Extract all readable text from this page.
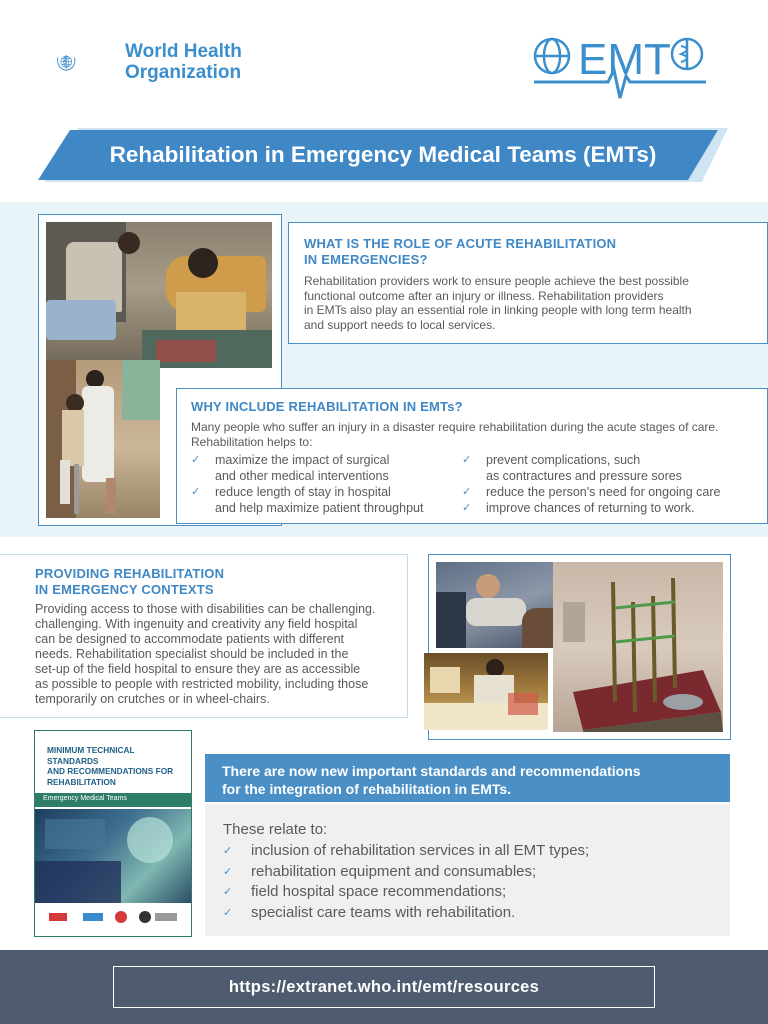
World Health
Organization	EMT
Rehabilitation in Emergency Medical Teams (EMTs)
WHAT IS THE ROLE OF ACUTE REHABILITATION
IN EMERGENCIES?
Rehabilitation providers work to ensure people achieve the best possible
functional outcome after an injury or illness. Rehabilitation providers
in EMTs also play an essential role in linking people with long term health
and support needs to local services.
WHY INCLUDE REHABILITATION IN EMTs?
Many people who suffer an injury in a disaster require rehabilitation during the acute stages of care.
Rehabilitation helps to:
✓ maximize the impact of surgical
and other medical interventions
✓ reduce length of stay in hospital
and help maximize patient throughput
✓ prevent complications, such
as contractures and pressure sores
✓ reduce the person's need for ongoing care
✓ improve chances of returning to work.
PROVIDING REHABILITATION
IN EMERGENCY CONTEXTS
Providing access to those with disabilities can be challenging.
challenging. With ingenuity and creativity any field hospital
can be designed to accommodate patients with different
needs. Rehabilitation specialist should be included in the
set-up of the field hospital to ensure they are as accessible
as possible to people with restricted mobility, including those
temporarily on crutches or in wheel-chairs.
MINIMUM TECHNICAL STANDARDS
AND RECOMMENDATIONS FOR
REHABILITATION
Emergency Medical Teams
There are now new important standards and recommendations
for the integration of rehabilitation in EMTs.
These relate to:
✓ inclusion of rehabilitation services in all EMT types;
✓ rehabilitation equipment and consumables;
✓ field hospital space recommendations;
✓ specialist care teams with rehabilitation.
https://extranet.who.int/emt/resources
